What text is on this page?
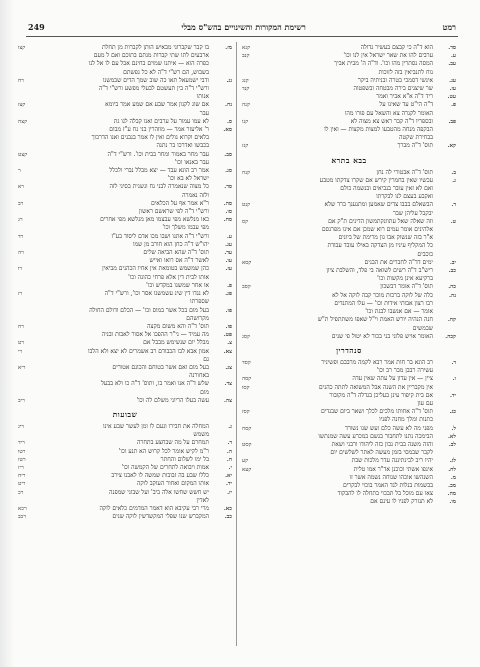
רמט
רשימת המקורות והשינויים בהש"ס מבלי
249
סד.
הוא ד"ה כי קבצם בעשיר גדולה
קנא
ע.
ערבים להו את שאר ישראל אין לנו וכו'
קנב
עב.
המסה נסתרין מהו וכו'. וד"ה ה' מבית אביך
נוח לתנביאין בזה לזוכות
עג.
אינשי דסמכי בטרה ובניתיה ביקר
קנג
עז.
שר שיצגים בירה מבטחה ובשפטוה
קנד
עט.
ריד ד"ה א"א אביר ואמר
פ.
ד"ה הי"ט עד שאינו על
קנה
האומר לקנרה צא והשאל עם פורו מהו
פב.
ובספריו ד"ה קבר ראש צא מצוה לא
קנו
הבקפה מנחה מהטבעו למצות מקצות — ואין לו
בבחירת שקטה
קא.
תוס' ד"ה מברך
קנז
בבא בתרא
ב.
תוס' ד"ה אבטורי לה נחן
קנח
ג.
עכשיו שאין בחמרין קירש אם שקרו צדקתו מטבע
ואם לא זאין עובר בנביאים ובנשמה כולם
ואקבע בעצם לנו לבקרתו
ד.
הבשאלם בבבו צדים שאמען ומתנענך ברד שלא
קנט
יבקבל עליהן שבר
ט.
וזה שאלה שאל עתוונקתמשון הדינים ת"ק אם
קס
אלהינים אומר עמים רוא שמכן אם אינו מפרנסם
א"ר בזה שנשוק אבו גון מרימת של ביונים
כל המקליף עיניו מן הצדקה באילו עובד עבודת
כוכבים
יב.
ימים דד"ה לחברים את הבנים
קסא
כב.
ריש"ב ד"ה רשים לשואה בי פלד, והשלבת ציון
ברקיעא אינן מקשות וכו'
כה.
תוס' ד"ה אומר דבשכון
קסב
נה.
כלה של לוקה ברכות מוכר קבה לוקה אל לא
רבו רצון אבותי אידות וכו' — עלו המתנדים
אומר — אם אנשבו לבגת וכו'
קח.
חנה הנהיה יורש האמת וי"ל שאפו משתתפיל ת"ש
שבמשים
קכה.
האומר אויש פלוני בני בכור לא יטול פי שנים
קסג
סנהדרין
ד.
רב הונא בר חות אמר רבא לקמה מרבבם ופשיניר
קסד
עשירה רבבן מבר רב וכו'
ו.
ציין — אין עדון על עתה שאין עדה
קסה
אין מקבריין את השנה אבל המשואה לתתה כהנים
קסו
יד.
אם בית קיפור עינן בעליכן בגדלה ד"ה מקובור
עם עון
כג.
תוס' ד"ה אחותו מלכים לכלך ושאר ביום שבנדים
קסז
כתנות ומלך מחנה לפניו
ל.
מפני מה לא עשה כלם ועש שנו נשורד
קסח
לא.
הבימכה נתנו לתחבור בגשם במכרע עשה שמנתשו
לב.
והזה משנה בבית נבון כזה ליהודו ורבני ושאת
קסט
לקבר שבמסי בזמן מעשה לאתר לשלשים יום
לג.
יהיו ריב לבינתינגה עדר מלכות שבת
קע
לח.
אינפו אשתי וכוכנן אד"ר אמו טלית
קעא
מ.
השנהשו אוכהו שנוחה נשמה אשר זו
מב.
בבשמות בנלות לגד האמר בוכוי לבקרים
מה.
צאו עם מוכל בל תבכוי בתחלה לו להבקוד
מו.
לא תנזרק לפניו לו עינם אם
מז.
בו קבר שקברוני מבאיש הותן לקברות מן תחלת
קצו
ארבעים לתו שתי קברות מנתם בתוכם ואם ל מעם
כפרה הוא — איתנו שמוים בחינם אבל עם לו אל לנו
בשבוש, הם רש"י ד"ה לא כל נפשתם
נג.
ודבי ישמעאל תאו כה שוב שמך הדים שבמשנו
רח
ורש"י ד"ה בין תעשטם לבעלי מפשע ורש"י ד"ה
אנותו
נח.
אם שוג לקנון אמר שבע אם שמע אמר ביומא
קצז
עבר
ס.
לא עמו עמור על ערבים ואנו קבלה לנו גת
קצח
סא.
ר' אליעזר אמר — מוזהרין בני נח ע"ז מבום
בלאים וקרוא גולים ואין לו אמר בנבנים ואנו הדרכוך
בכבשו ואדרכו בר נתנה
סב.
עבר מחר באמור ומחר בבית וכו'. ורש"י ד"ה
קצט
עבר באנאו וכו'
סג.
אמר רב הונא עבד — יצא מבלל נברי ולכלל
ר
ישראל לא בא וכו'
סד.
כל מצוה שנאמרה לבני נח ונשנית בסיני לזה
רא
ולזה נאמרה
סה.
ר"א אמר אף על הכלאים
רב
סו.
ורש"י ד"ה לפי שראשם ראשון
סח.
כאו מנלשא מפי עבצמו מאן מנלשא מפי אחרים
רג
מפי עבמו משלך וכו'
ע.
ורש"י ד"ה אתנו ושבו מכו אדם ליסוד בע"ז
רד
עג.
יהו"ש ד"ה כחן הוא חורב מן שמו
עד.
תוס' ד"ה שהא הביאה שלים
רה
עו.
לאשר ד"ה אס רואו ואייש
עז.
כהן שמשמש בטומאת אין אחיו הכהנים מביאין
רו
אותו לבית דין אלא פרחי כהונה וכו'
פ.
או אחר שמשנו במקדש וכו'
פג.
לא נגדו דין שינ עשמשגו אסר וכו', ורש"י ד"ה
רז
שספרתו
פו.
בעל מום בכל אשר במוס וכו' — הכלם ודולם החולה
מקרושהם
פז.
תוס' ד"ה והא משום מקצה
רח
פט.
מה עמיד — ני"ר ההפכו אל אסור לאבות ובניה
צ.
מבלל יום שנשימש מבבל אם
רט
צא.
אמון אבא לבו הכבודם רב אשמרים לא יצא ולא הלבו
רי
גם
צג.
בעל מום ואם אשר בטוחם והכונם אטורים
ריא
באחורנה
צד.
שלש ד"ה אנו ואמר בו, ותוס' ד"ה כו ולא בבעל
מום
צה.
עשה בעלו הריוני משלם לה וכו'
ריב
שבועות
ג.
המחלה את חבירו ונעם לו ומן לעשר שבע אינו
ריג
משמש
ד.
תמחרם על מה שבחצע בתחרה
ריד
ה.
ר"מ לקיש אומר לכל קרוש הא תנע וכו'
רטו
ח.
בל ימו לשלום והחתר
רטז
י.
אמות ויבואה לתחרים של הקמשה וכו'
ריז
יא.
כללו שבע בה זבובות שמשה לו לאבנו צירב
ריח
יד.
אותו המקום ואחור העוקב לוקה
ריט
יז.
יש חשש שחשו אלה ביב' ועל שבוני שמפנה
רכ
לאדין
כא.
מרי רבי עקיבא הוא דאמר המדמים כלאים לוקה
רכא
כב.
המקברש שנו שפלי המקשדשין לוקה שנים
רכב
